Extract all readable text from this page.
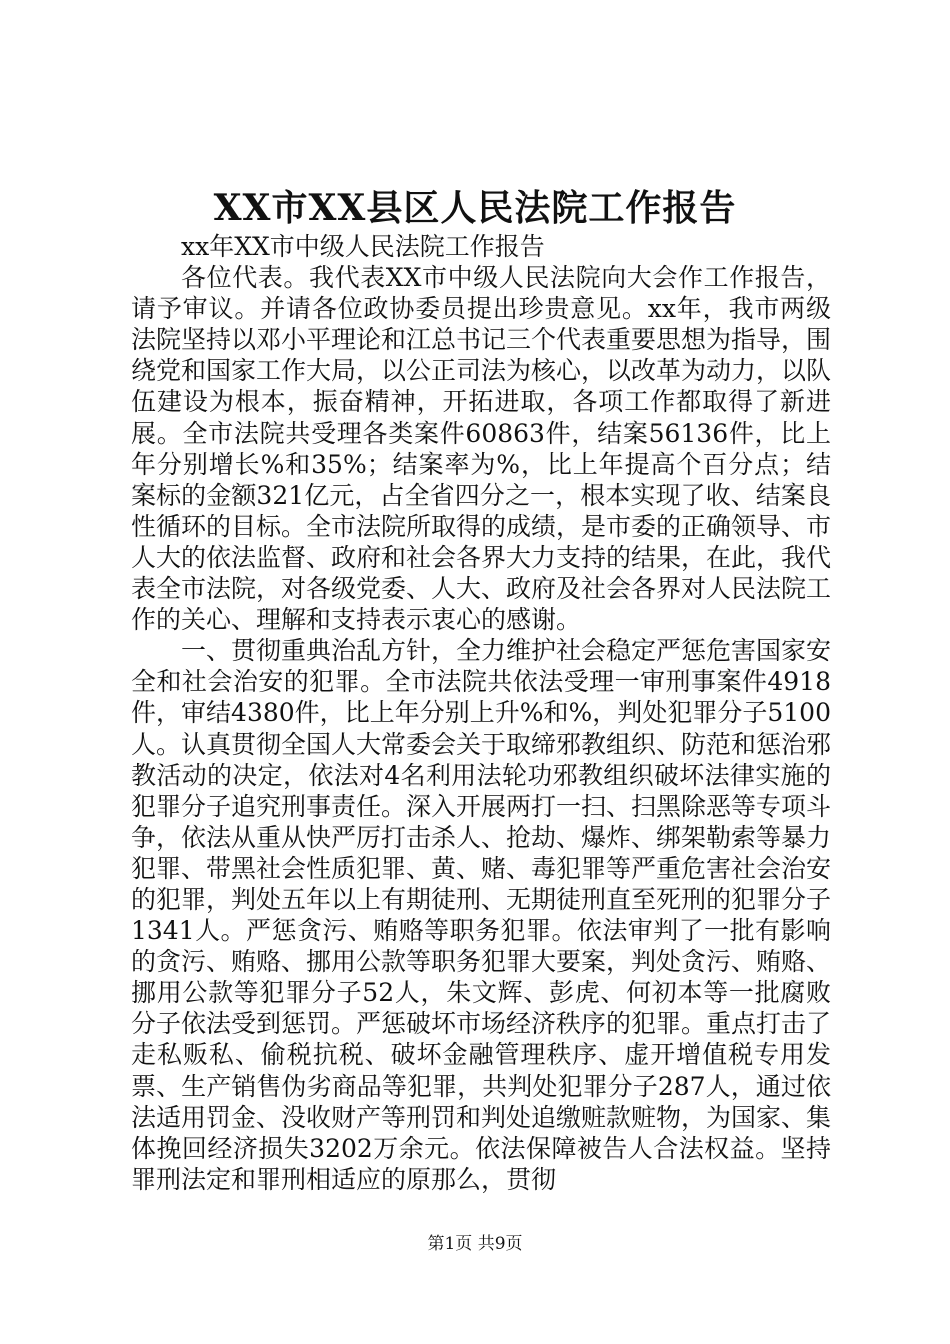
XX市XX县区人民法院工作报告

xx年XX市中级人民法院工作报告

各位代表。我代表XX市中级人民法院向大会作工作报告，请予审议。并请各位政协委员提出珍贵意见。xx年，我市两级法院坚持以邓小平理论和江总书记三个代表重要思想为指导，围绕党和国家工作大局，以公正司法为核心，以改革为动力，以队伍建设为根本，振奋精神，开拓进取，各项工作都取得了新进展。全市法院共受理各类案件60863件，结案56136件，比上年分别增长%和35%；结案率为%，比上年提高个百分点；结案标的金额321亿元，占全省四分之一，根本实现了收、结案良性循环的目标。全市法院所取得的成绩，是市委的正确领导、市人大的依法监督、政府和社会各界大力支持的结果，在此，我代表全市法院，对各级党委、人大、政府及社会各界对人民法院工作的关心、理解和支持表示衷心的感谢。

一、贯彻重典治乱方针，全力维护社会稳定严惩危害国家安全和社会治安的犯罪。全市法院共依法受理一审刑事案件4918件，审结4380件，比上年分别上升%和%，判处犯罪分子5100人。认真贯彻全国人大常委会关于取缔邪教组织、防范和惩治邪教活动的决定，依法对4名利用法轮功邪教组织破坏法律实施的犯罪分子追究刑事责任。深入开展两打一扫、扫黑除恶等专项斗争，依法从重从快严厉打击杀人、抢劫、爆炸、绑架勒索等暴力犯罪、带黑社会性质犯罪、黄、赌、毒犯罪等严重危害社会治安的犯罪，判处五年以上有期徒刑、无期徒刑直至死刑的犯罪分子1341人。严惩贪污、贿赂等职务犯罪。依法审判了一批有影响的贪污、贿赂、挪用公款等职务犯罪大要案，判处贪污、贿赂、挪用公款等犯罪分子52人，朱文辉、彭虎、何初本等一批腐败分子依法受到惩罚。严惩破坏市场经济秩序的犯罪。重点打击了走私贩私、偷税抗税、破坏金融管理秩序、虚开增值税专用发票、生产销售伪劣商品等犯罪，共判处犯罪分子287人，通过依法适用罚金、没收财产等刑罚和判处追缴赃款赃物，为国家、集体挽回经济损失3202万余元。依法保障被告人合法权益。坚持罪刑法定和罪刑相适应的原那么，贯彻

第1页 共9页
